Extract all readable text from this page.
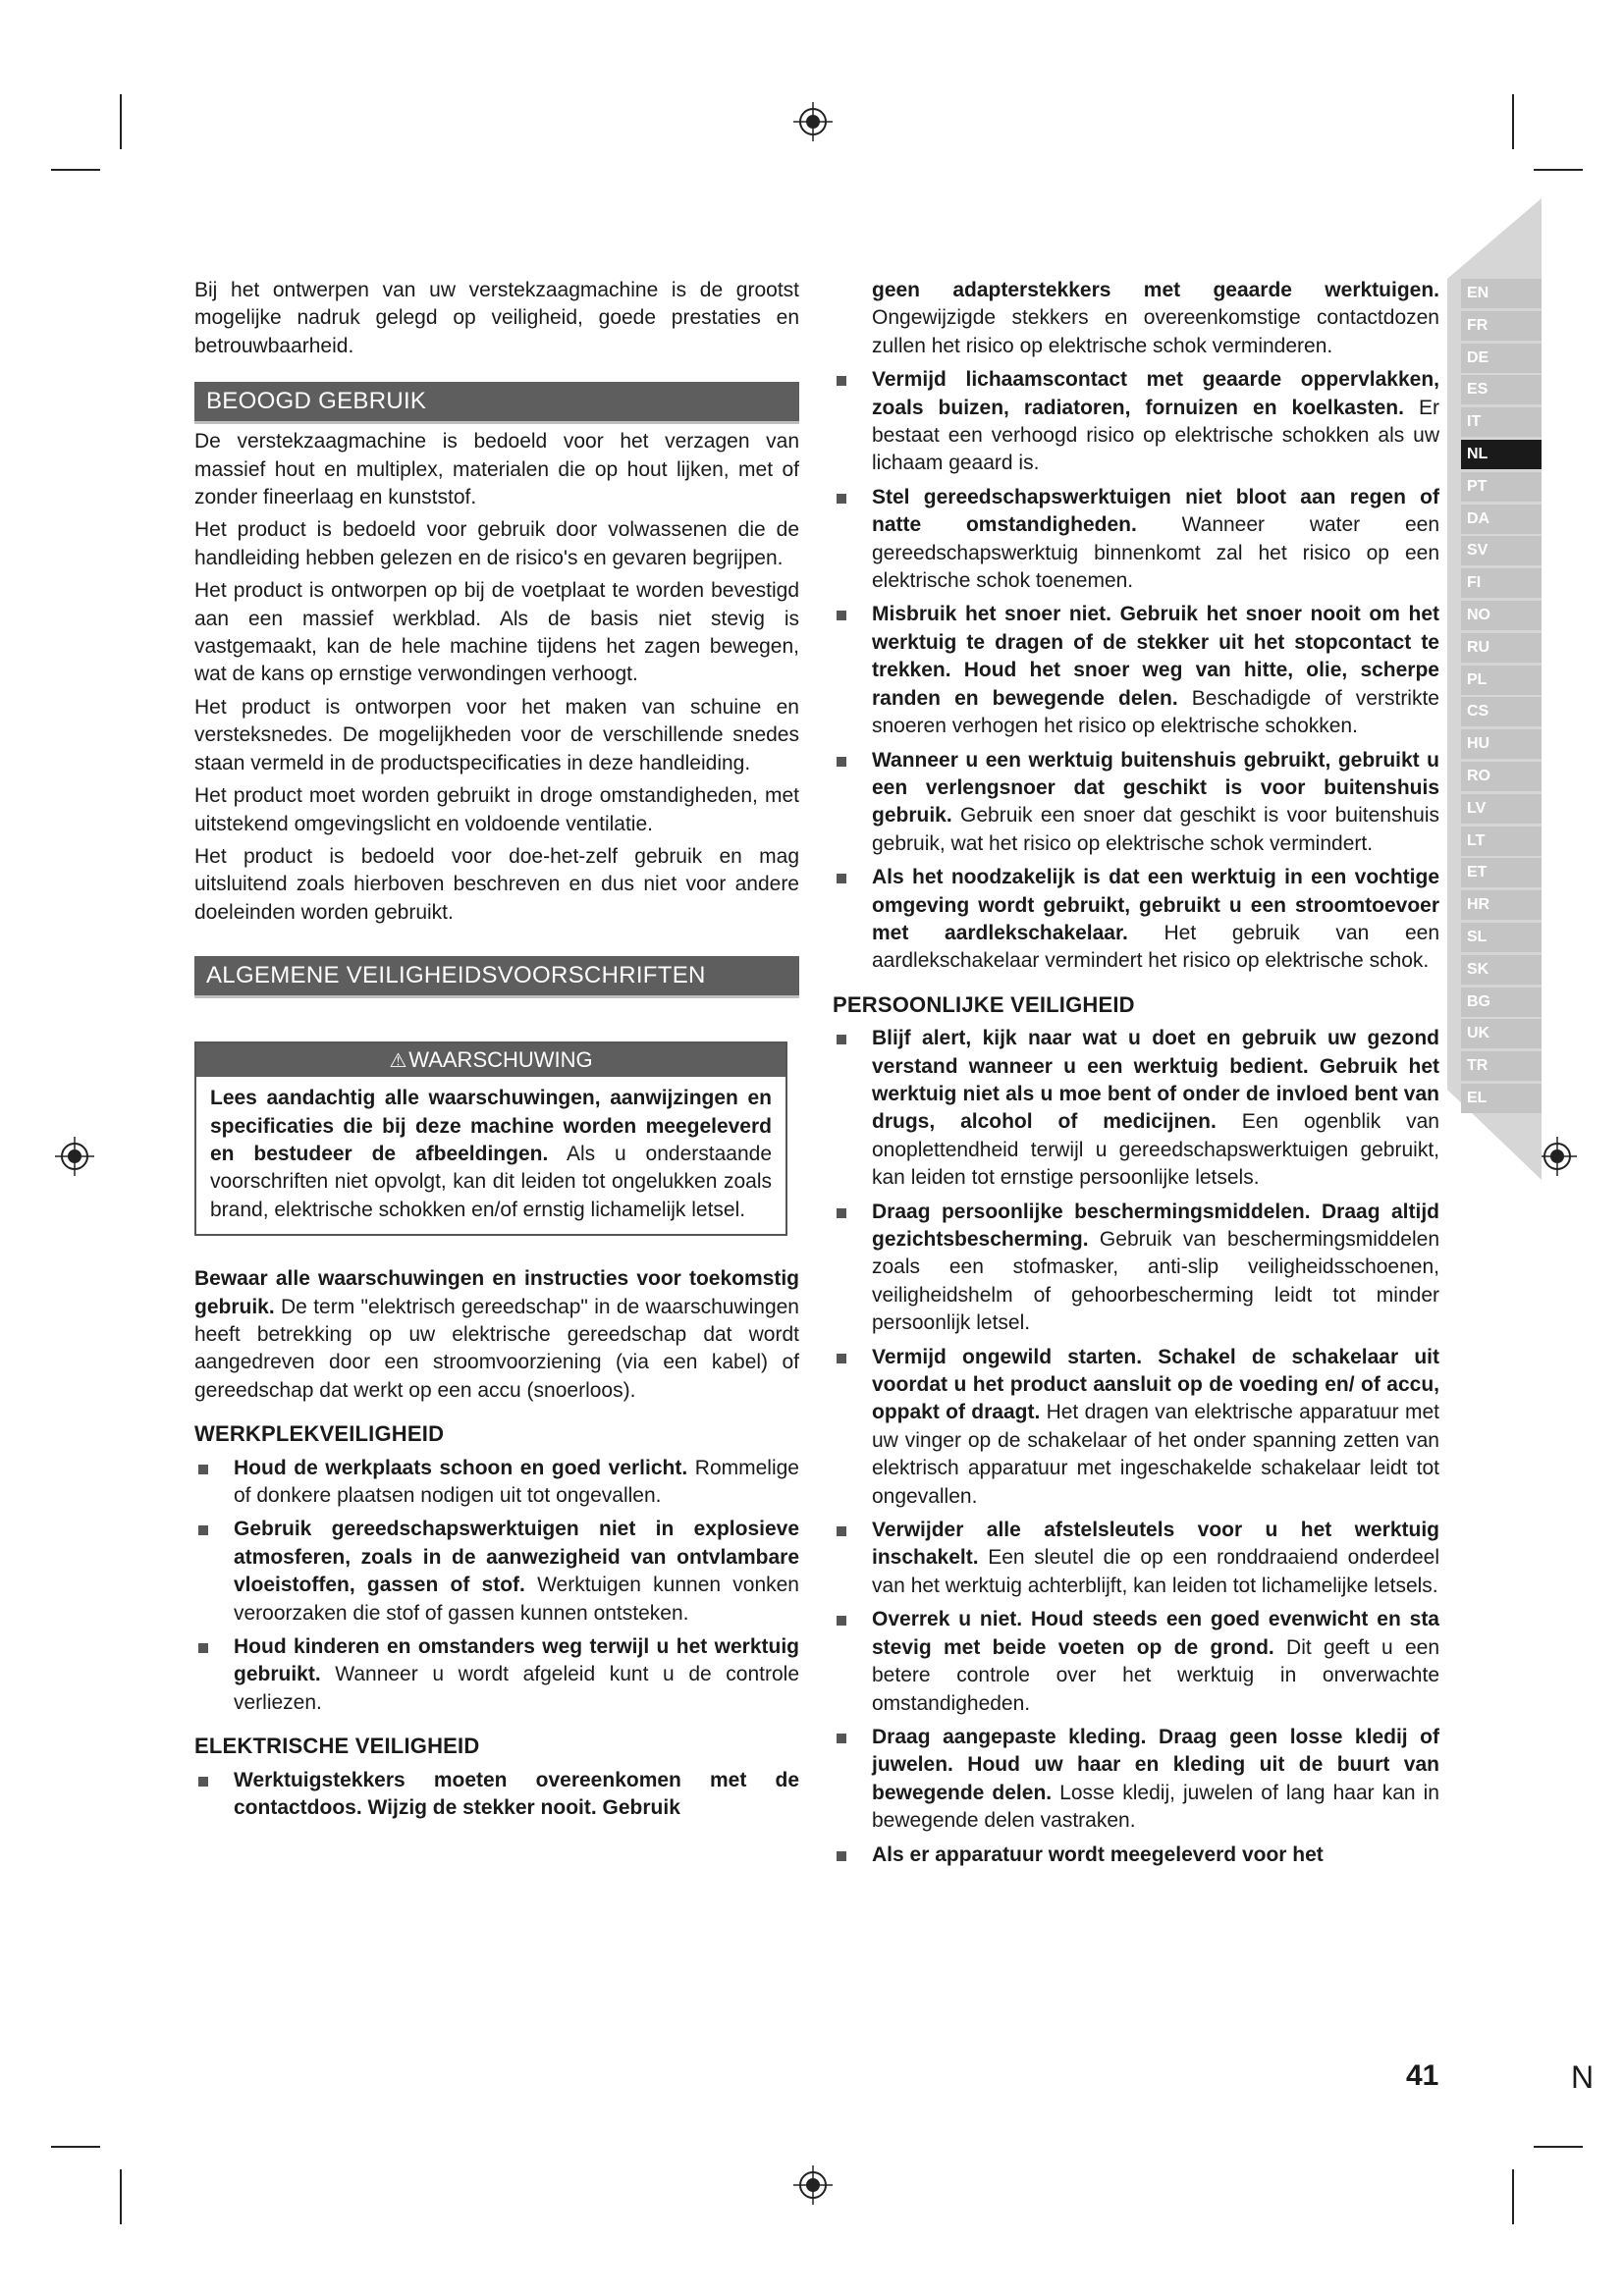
EN
FR
DE
ES
IT
NL
PT
DA
SV
FI
NO
RU
PL
CS
HU
RO
LV
LT
ET
HR
SL
SK
BG
UK
TR
EL

Bij het ontwerpen van uw verstekzaagmachine is de grootst mogelijke nadruk gelegd op veiligheid, goede prestaties en betrouwbaarheid.

BEOOGD GEBRUIK

De verstekzaagmachine is bedoeld voor het verzagen van massief hout en multiplex, materialen die op hout lijken, met of zonder fineerlaag en kunststof.

Het product is bedoeld voor gebruik door volwassenen die de handleiding hebben gelezen en de risico's en gevaren begrijpen.

Het product is ontworpen op bij de voetplaat te worden bevestigd aan een massief werkblad. Als de basis niet stevig is vastgemaakt, kan de hele machine tijdens het zagen bewegen, wat de kans op ernstige verwondingen verhoogt.

Het product is ontworpen voor het maken van schuine en versteksnedes. De mogelijkheden voor de verschillende snedes staan vermeld in de productspecificaties in deze handleiding.

Het product moet worden gebruikt in droge omstandigheden, met uitstekend omgevingslicht en voldoende ventilatie.

Het product is bedoeld voor doe-het-zelf gebruik en mag uitsluitend zoals hierboven beschreven en dus niet voor andere doeleinden worden gebruikt.

ALGEMENE VEILIGHEIDSVOORSCHRIFTEN
⚠WAARSCHUWING

Lees aandachtig alle waarschuwingen, aanwijzingen en specificaties die bij deze machine worden meegeleverd en bestudeer de afbeeldingen. Als u onderstaande voorschriften niet opvolgt, kan dit leiden tot ongelukken zoals brand, elektrische schokken en/of ernstig lichamelijk letsel.

Bewaar alle waarschuwingen en instructies voor toekomstig gebruik. De term "elektrisch gereedschap" in de waarschuwingen heeft betrekking op uw elektrische gereedschap dat wordt aangedreven door een stroomvoorziening (via een kabel) of gereedschap dat werkt op een accu (snoerloos).

WERKPLEKVEILIGHEID
Houd de werkplaats schoon en goed verlicht. Rommelige of donkere plaatsen nodigen uit tot ongevallen.
Gebruik gereedschapswerktuigen niet in explosieve atmosferen, zoals in de aanwezigheid van ontvlambare vloeistoffen, gassen of stof. Werktuigen kunnen vonken veroorzaken die stof of gassen kunnen ontsteken.
Houd kinderen en omstanders weg terwijl u het werktuig gebruikt. Wanneer u wordt afgeleid kunt u de controle verliezen.
ELEKTRISCHE VEILIGHEID
Werktuigstekkers moeten overeenkomen met de contactdoos. Wijzig de stekker nooit. Gebruik
geen adapterstekkers met geaarde werktuigen. Ongewijzigde stekkers en overeenkomstige contactdozen zullen het risico op elektrische schok verminderen.
Vermijd lichaamscontact met geaarde oppervlakken, zoals buizen, radiatoren, fornuizen en koelkasten. Er bestaat een verhoogd risico op elektrische schokken als uw lichaam geaard is.
Stel gereedschapswerktuigen niet bloot aan regen of natte omstandigheden. Wanneer water een gereedschapswerktuig binnenkomt zal het risico op een elektrische schok toenemen.
Misbruik het snoer niet. Gebruik het snoer nooit om het werktuig te dragen of de stekker uit het stopcontact te trekken. Houd het snoer weg van hitte, olie, scherpe randen en bewegende delen. Beschadigde of verstrikte snoeren verhogen het risico op elektrische schokken.
Wanneer u een werktuig buitenshuis gebruikt, gebruikt u een verlengsnoer dat geschikt is voor buitenshuis gebruik. Gebruik een snoer dat geschikt is voor buitenshuis gebruik, wat het risico op elektrische schok vermindert.
Als het noodzakelijk is dat een werktuig in een vochtige omgeving wordt gebruikt, gebruikt u een stroomtoevoer met aardlekschakelaar. Het gebruik van een aardlekschakelaar vermindert het risico op elektrische schok.
PERSOONLIJKE VEILIGHEID
Blijf alert, kijk naar wat u doet en gebruik uw gezond verstand wanneer u een werktuig bedient. Gebruik het werktuig niet als u moe bent of onder de invloed bent van drugs, alcohol of medicijnen. Een ogenblik van onoplettendheid terwijl u gereedschapswerktuigen gebruikt, kan leiden tot ernstige persoonlijke letsels.
Draag persoonlijke beschermingsmiddelen. Draag altijd gezichtsbescherming. Gebruik van beschermingsmiddelen zoals een stofmasker, anti-slip veiligheidsschoenen, veiligheidshelm of gehoorbescherming leidt tot minder persoonlijk letsel.
Vermijd ongewild starten. Schakel de schakelaar uit voordat u het product aansluit op de voeding en/ of accu, oppakt of draagt. Het dragen van elektrische apparatuur met uw vinger op de schakelaar of het onder spanning zetten van elektrisch apparatuur met ingeschakelde schakelaar leidt tot ongevallen.
Verwijder alle afstelsleutels voor u het werktuig inschakelt. Een sleutel die op een ronddraaiend onderdeel van het werktuig achterblijft, kan leiden tot lichamelijke letsels.
Overrek u niet. Houd steeds een goed evenwicht en sta stevig met beide voeten op de grond. Dit geeft u een betere controle over het werktuig in onverwachte omstandigheden.
Draag aangepaste kleding. Draag geen losse kledij of juwelen. Houd uw haar en kleding uit de buurt van bewegende delen. Losse kledij, juwelen of lang haar kan in bewegende delen vastraken.
Als er apparatuur wordt meegeleverd voor het
41	N
